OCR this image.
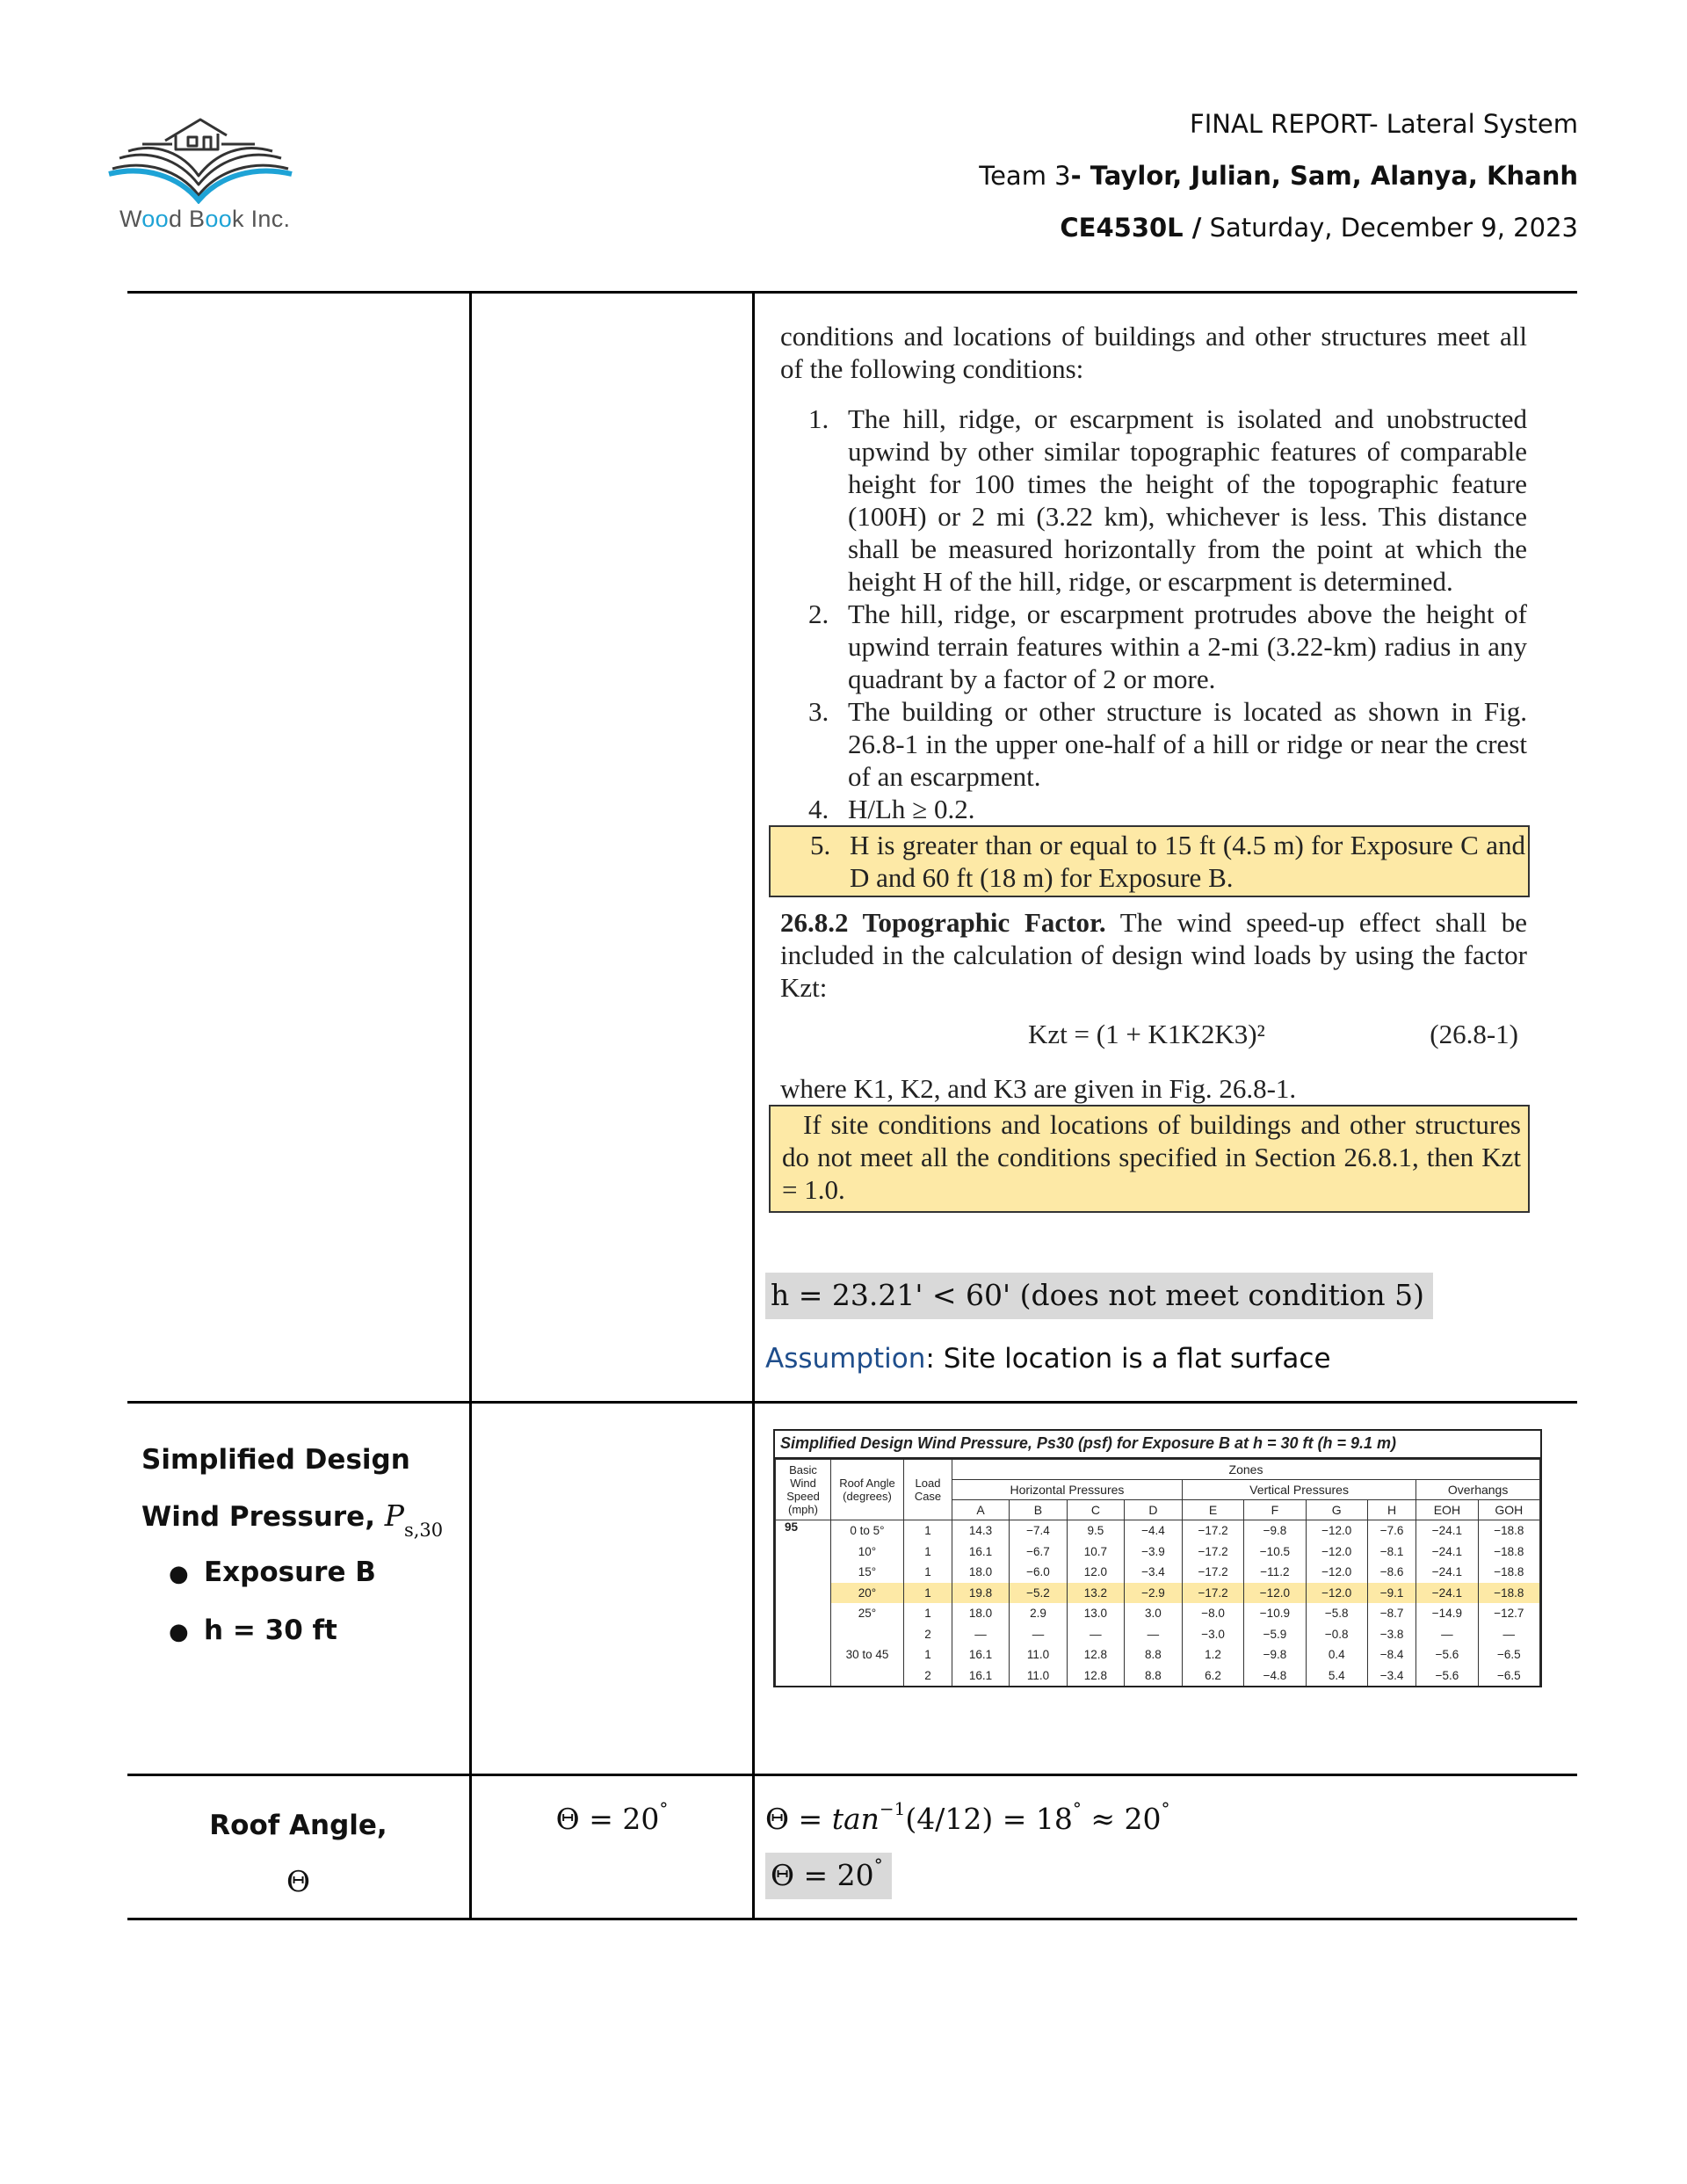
Wood Book Inc.
FINAL REPORT- Lateral System
Team 3- Taylor, Julian, Sam, Alanya, Khanh
CE4530L / Saturday, December 9, 2023

conditions and locations of buildings and other structures meet all of the following conditions:

1. The hill, ridge, or escarpment is isolated and unobstructed upwind by other similar topographic features of comparable height for 100 times the height of the topographic feature (100H) or 2 mi (3.22 km), whichever is less. This distance shall be measured horizontally from the point at which the height H of the hill, ridge, or escarpment is determined.
2. The hill, ridge, or escarpment protrudes above the height of upwind terrain features within a 2-mi (3.22-km) radius in any quadrant by a factor of 2 or more.
3. The building or other structure is located as shown in Fig. 26.8-1 in the upper one-half of a hill or ridge or near the crest of an escarpment.
4. H/Lh ≥ 0.2.
5. H is greater than or equal to 15 ft (4.5 m) for Exposure C and D and 60 ft (18 m) for Exposure B.

26.8.2 Topographic Factor. The wind speed-up effect shall be included in the calculation of design wind loads by using the factor Kzt:

Kzt = (1 + K1K2K3)²	(26.8-1)

where K1, K2, and K3 are given in Fig. 26.8-1.

If site conditions and locations of buildings and other structures do not meet all the conditions specified in Section 26.8.1, then Kzt = 1.0.

h = 23.21' < 60' (does not meet condition 5)
Assumption: Site location is a flat surface
Simplified Design
Wind Pressure, $P_{s,30}$
● Exposure B
● h = 30 ft
Simplified Design Wind Pressure, Ps30 (psf) for Exposure B at h = 30 ft (h = 9.1 m)
Basic Wind Speed (mph)	Roof Angle (degrees)	Load Case	Zones									
			Horizontal Pressures				Vertical Pressures				Overhangs	
			A	B	C	D	E	F	G	H	EOH	GOH
95	0 to 5°	1	14.3	−7.4	9.5	−4.4	−17.2	−9.8	−12.0	−7.6	−24.1	−18.8
	10°	1	16.1	−6.7	10.7	−3.9	−17.2	−10.5	−12.0	−8.1	−24.1	−18.8
	15°	1	18.0	−6.0	12.0	−3.4	−17.2	−11.2	−12.0	−8.6	−24.1	−18.8
	20°	1	19.8	−5.2	13.2	−2.9	−17.2	−12.0	−12.0	−9.1	−24.1	−18.8
	25°	1	18.0	2.9	13.0	3.0	−8.0	−10.9	−5.8	−8.7	−14.9	−12.7
		2	—	—	—	—	−3.0	−5.9	−0.8	−3.8	—	—
	30 to 45	1	16.1	11.0	12.8	8.8	1.2	−9.8	0.4	−8.4	−5.6	−6.5
		2	16.1	11.0	12.8	8.8	6.2	−4.8	5.4	−3.4	−5.6	−6.5
Roof Angle,
Θ
Θ = 20°	$\Theta = \tan^{-1}(4/12) = 18^\circ \approx 20^\circ$
Θ = 20°
